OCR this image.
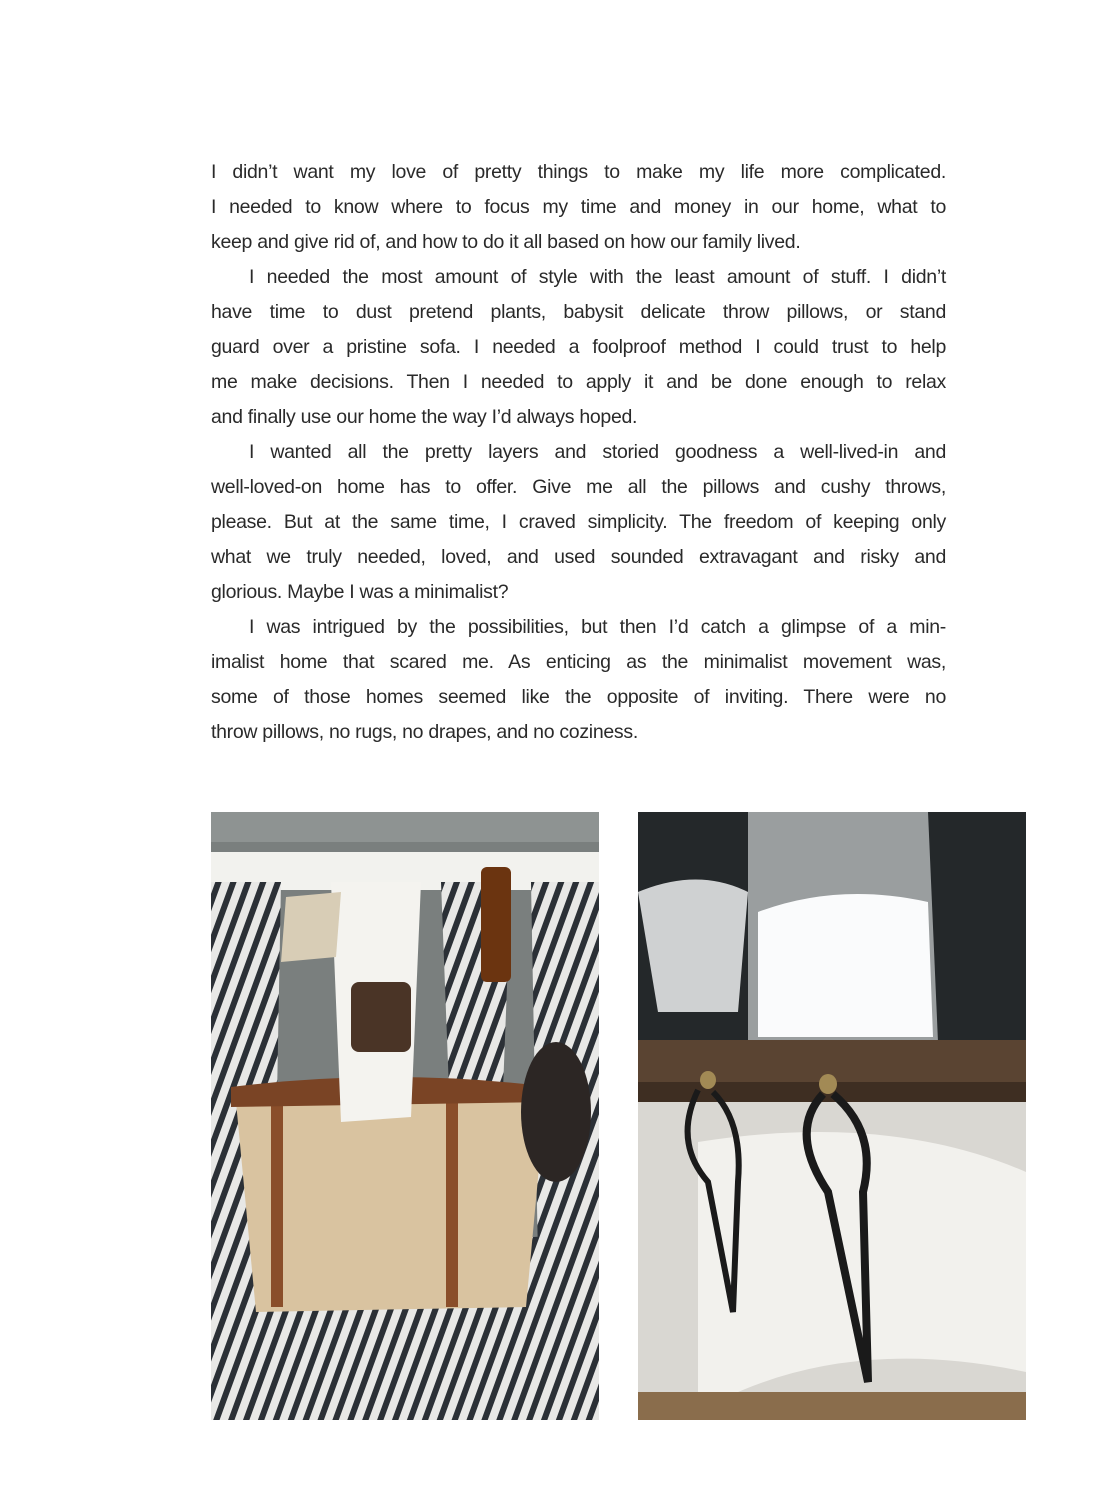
I didn’t want my love of pretty things to make my life more complicated.
I needed to know where to focus my time and money in our home, what to
keep and give rid of, and how to do it all based on how our family lived.
I needed the most amount of style with the least amount of stuff. I didn’t
have time to dust pretend plants, babysit delicate throw pillows, or stand
guard over a pristine sofa. I needed a foolproof method I could trust to help
me make decisions. Then I needed to apply it and be done enough to relax
and finally use our home the way I’d always hoped.
I wanted all the pretty layers and storied goodness a well-lived-in and
well-loved-on home has to offer. Give me all the pillows and cushy throws,
please. But at the same time, I craved simplicity. The freedom of keeping only
what we truly needed, loved, and used sounded extravagant and risky and
glorious. Maybe I was a minimalist?
I was intrigued by the possibilities, but then I’d catch a glimpse of a min-
imalist home that scared me. As enticing as the minimalist movement was,
some of those homes seemed like the opposite of inviting. There were no
throw pillows, no rugs, no drapes, and no coziness.
